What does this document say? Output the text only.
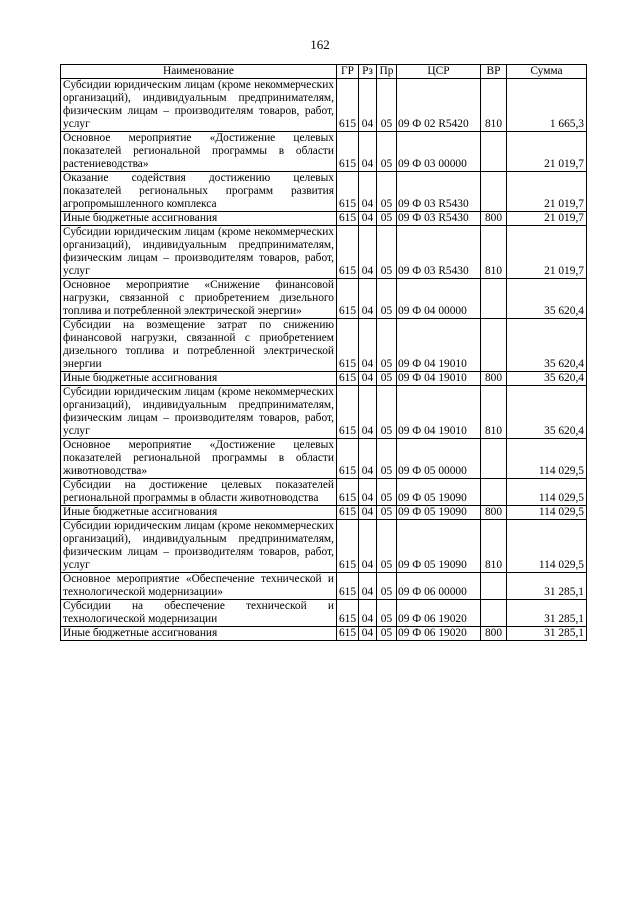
162
Наименование	ГР	Рз	Пр	ЦСР	ВР	Сумма
Субсидии юридическим лицам (кроме некоммерческих организаций), индивидуальным предпринимателям, физическим лицам – производителям товаров, работ, услуг	615	04	05	09 Ф 02 R5420	810	1 665,3
Основное мероприятие «Достижение целевых показателей региональной программы в области растениеводства»	615	04	05	09 Ф 03 00000		21 019,7
Оказание содействия достижению целевых показателей региональных программ развития агропромышленного комплекса	615	04	05	09 Ф 03 R5430		21 019,7
Иные бюджетные ассигнования	615	04	05	09 Ф 03 R5430	800	21 019,7
Субсидии юридическим лицам (кроме некоммерческих организаций), индивидуальным предпринимателям, физическим лицам – производителям товаров, работ, услуг	615	04	05	09 Ф 03 R5430	810	21 019,7
Основное мероприятие «Снижение финансовой нагрузки, связанной с приобретением дизельного топлива и потребленной электрической энергии»	615	04	05	09 Ф 04 00000		35 620,4
Субсидии на возмещение затрат по снижению финансовой нагрузки, связанной с приобретением дизельного топлива и потребленной электрической энергии	615	04	05	09 Ф 04 19010		35 620,4
Иные бюджетные ассигнования	615	04	05	09 Ф 04 19010	800	35 620,4
Субсидии юридическим лицам (кроме некоммерческих организаций), индивидуальным предпринимателям, физическим лицам – производителям товаров, работ, услуг	615	04	05	09 Ф 04 19010	810	35 620,4
Основное мероприятие «Достижение целевых показателей региональной программы в области животноводства»	615	04	05	09 Ф 05 00000		114 029,5
Субсидии на достижение целевых показателей региональной программы в области животноводства	615	04	05	09 Ф 05 19090		114 029,5
Иные бюджетные ассигнования	615	04	05	09 Ф 05 19090	800	114 029,5
Субсидии юридическим лицам (кроме некоммерческих организаций), индивидуальным предпринимателям, физическим лицам – производителям товаров, работ, услуг	615	04	05	09 Ф 05 19090	810	114 029,5
Основное мероприятие «Обеспечение технической и технологической модернизации»	615	04	05	09 Ф 06 00000		31 285,1
Субсидии на обеспечение технической и технологической модернизации	615	04	05	09 Ф 06 19020		31 285,1
Иные бюджетные ассигнования	615	04	05	09 Ф 06 19020	800	31 285,1
